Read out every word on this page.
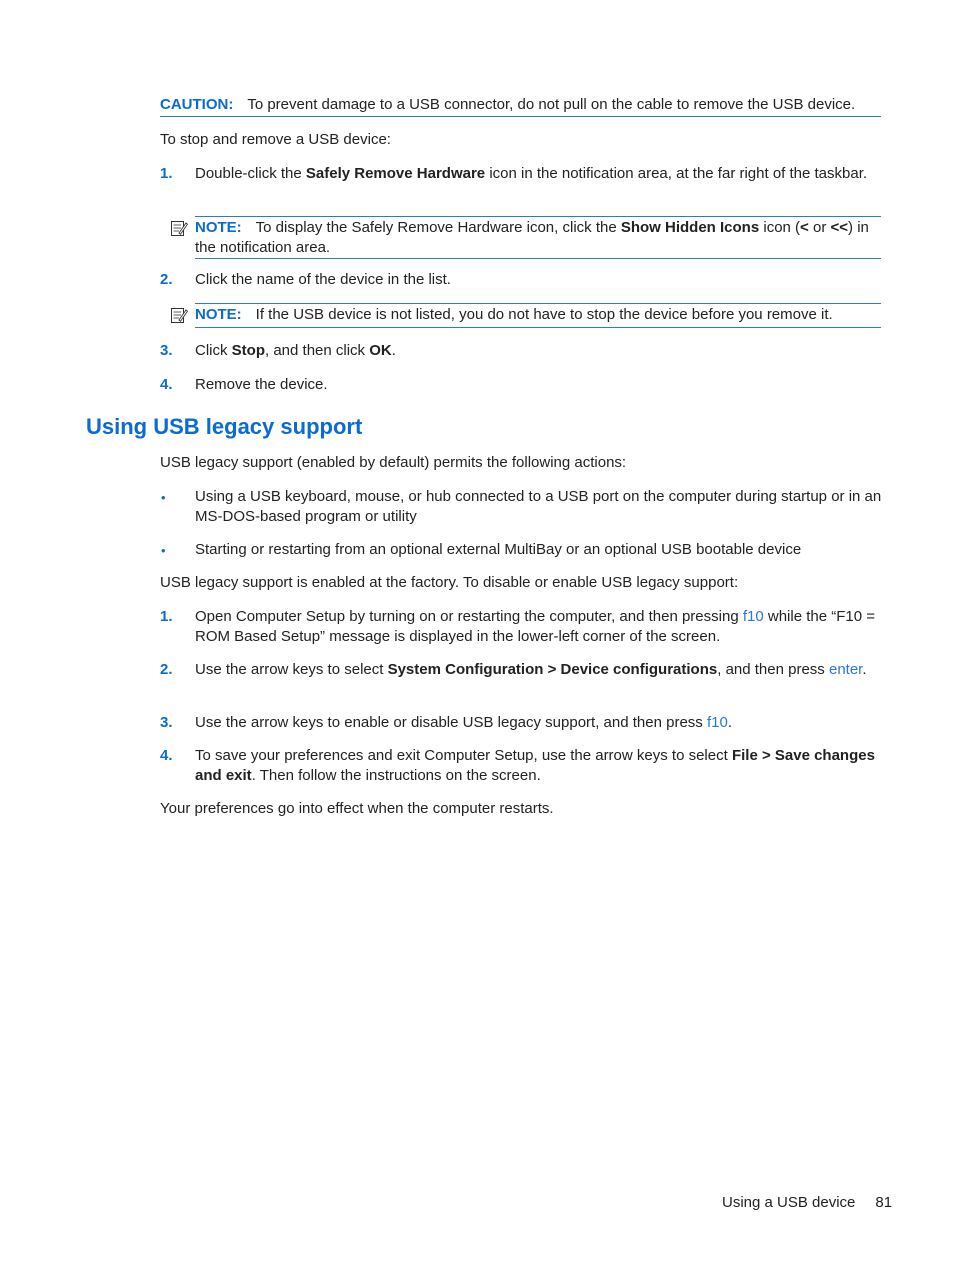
CAUTION: To prevent damage to a USB connector, do not pull on the cable to remove the USB device.

To stop and remove a USB device:

1. Double-click the Safely Remove Hardware icon in the notification area, at the far right of the taskbar.
NOTE: To display the Safely Remove Hardware icon, click the Show Hidden Icons icon (< or <<) in the notification area.
2. Click the name of the device in the list.
NOTE: If the USB device is not listed, you do not have to stop the device before you remove it.
3. Click Stop, and then click OK.
4. Remove the device.
Using USB legacy support

USB legacy support (enabled by default) permits the following actions:

• Using a USB keyboard, mouse, or hub connected to a USB port on the computer during startup or in an MS-DOS-based program or utility
• Starting or restarting from an optional external MultiBay or an optional USB bootable device

USB legacy support is enabled at the factory. To disable or enable USB legacy support:

1. Open Computer Setup by turning on or restarting the computer, and then pressing f10 while the “F10 = ROM Based Setup” message is displayed in the lower-left corner of the screen.
2. Use the arrow keys to select System Configuration > Device configurations, and then press enter.
3. Use the arrow keys to enable or disable USB legacy support, and then press f10.
4. To save your preferences and exit Computer Setup, use the arrow keys to select File > Save changes and exit. Then follow the instructions on the screen.

Your preferences go into effect when the computer restarts.

Using a USB device 81
